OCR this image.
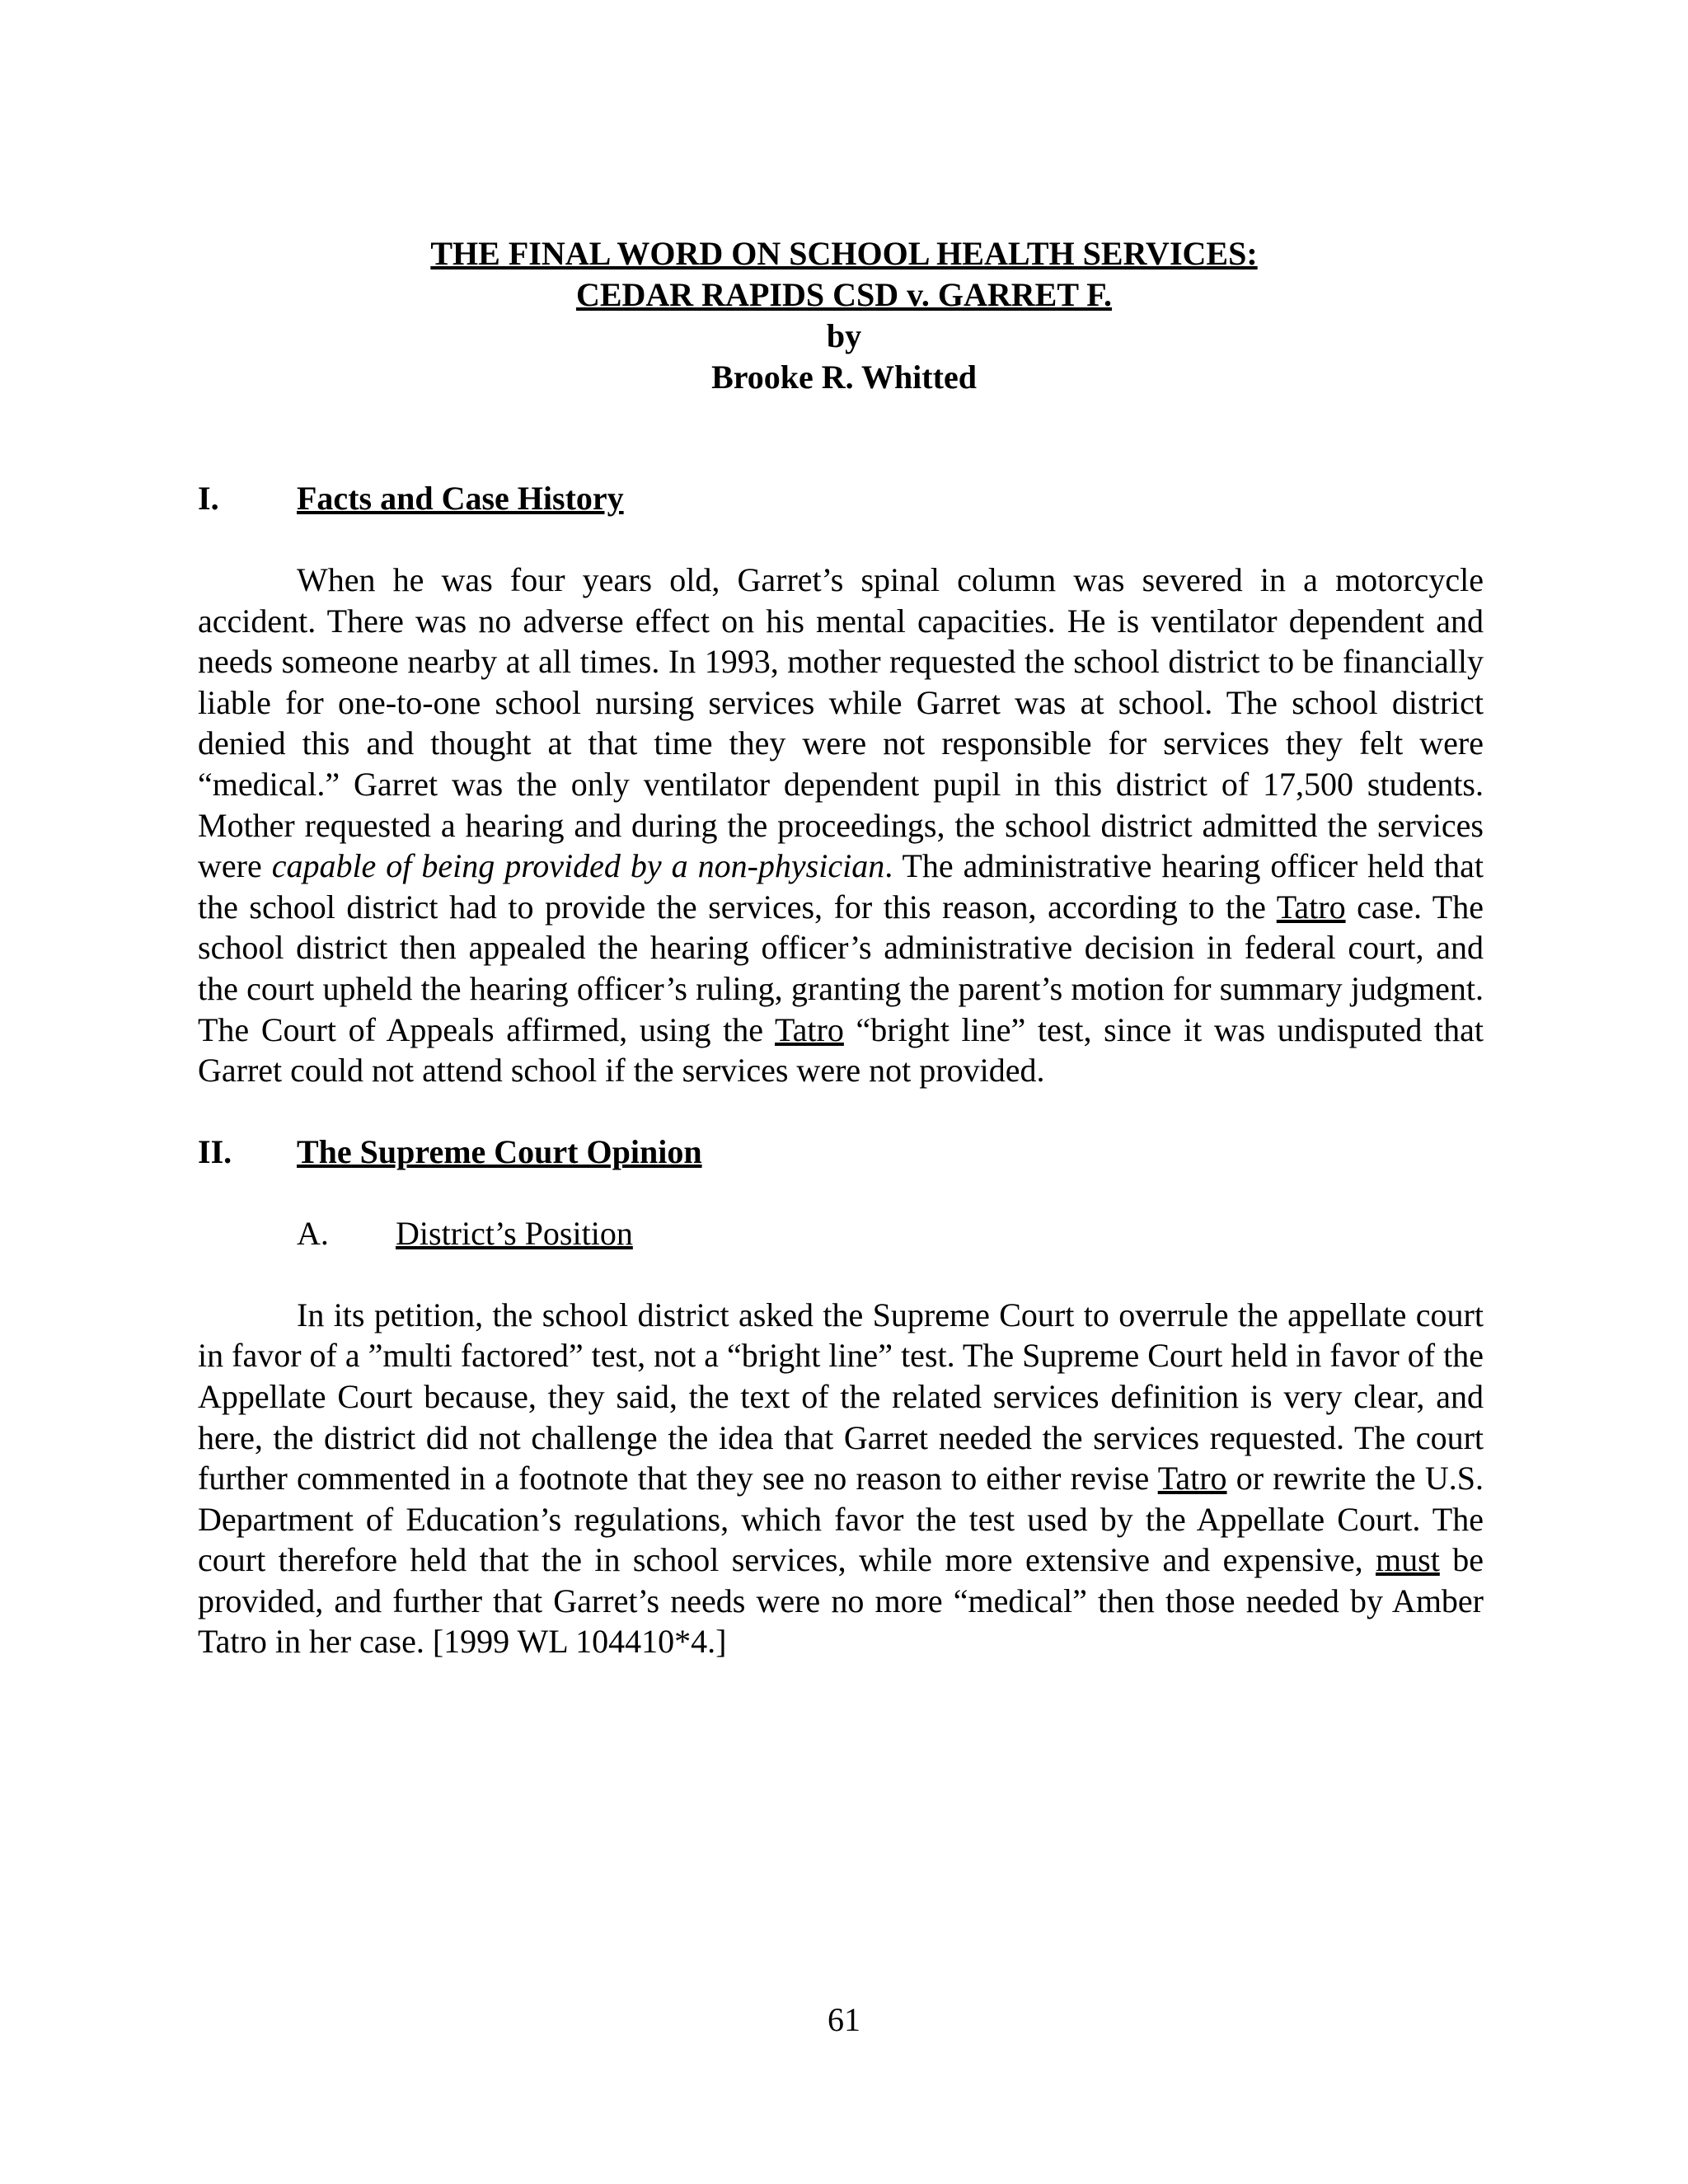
THE FINAL WORD ON SCHOOL HEALTH SERVICES:
CEDAR RAPIDS CSD v. GARRET F.
by
Brooke R. Whitted
I.	Facts and Case History

When he was four years old, Garret’s spinal column was severed in a motorcycle accident. There was no adverse effect on his mental capacities. He is ventilator dependent and needs someone nearby at all times. In 1993, mother requested the school district to be financially liable for one-to-one school nursing services while Garret was at school. The school district denied this and thought at that time they were not responsible for services they felt were “medical.” Garret was the only ventilator dependent pupil in this district of 17,500 students. Mother requested a hearing and during the proceedings, the school district admitted the services were capable of being provided by a non-physician. The administrative hearing officer held that the school district had to provide the services, for this reason, according to the Tatro case. The school district then appealed the hearing officer’s administrative decision in federal court, and the court upheld the hearing officer’s ruling, granting the parent’s motion for summary judgment. The Court of Appeals affirmed, using the Tatro “bright line” test, since it was undisputed that Garret could not attend school if the services were not provided.

II.	The Supreme Court Opinion
A.	District’s Position

In its petition, the school district asked the Supreme Court to overrule the appellate court in favor of a ”multi factored” test, not a “bright line” test. The Supreme Court held in favor of the Appellate Court because, they said, the text of the related services definition is very clear, and here, the district did not challenge the idea that Garret needed the services requested. The court further commented in a footnote that they see no reason to either revise Tatro or rewrite the U.S. Department of Education’s regulations, which favor the test used by the Appellate Court. The court therefore held that the in school services, while more extensive and expensive, must be provided, and further that Garret’s needs were no more “medical” then those needed by Amber Tatro in her case. [1999 WL 104410*4.]

61
